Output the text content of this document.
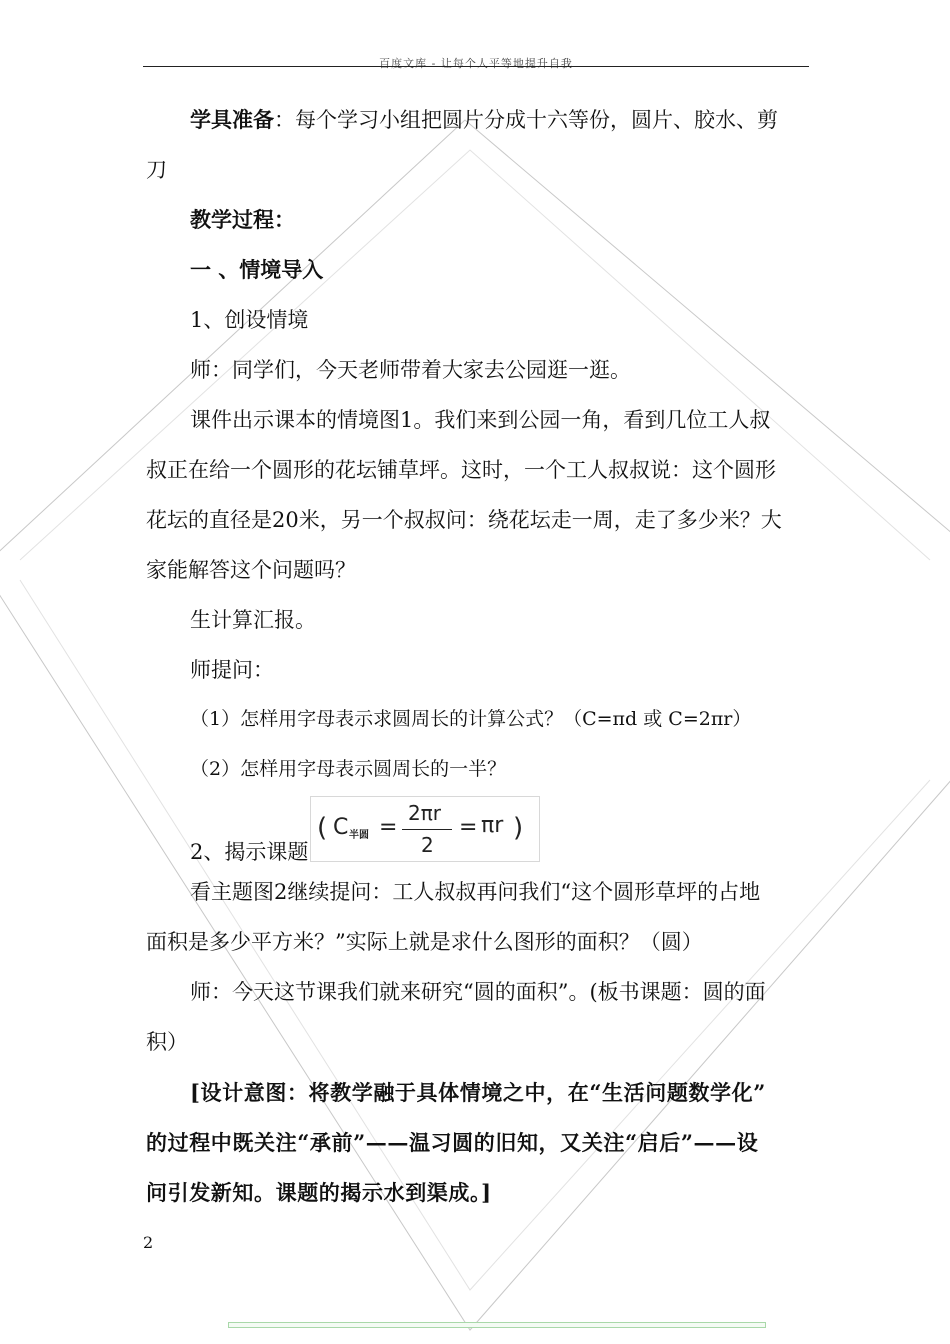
百度文库 - 让每个人平等地提升自我
学具准备：每个学习小组把圆片分成十六等份，圆片、胶水、剪
刀
教学过程：
一 、情境导入
1、创设情境
师：同学们，今天老师带着大家去公园逛一逛。
课件出示课本的情境图1。我们来到公园一角，看到几位工人叔
叔正在给一个圆形的花坛铺草坪。这时，一个工人叔叔说：这个圆形
花坛的直径是20米，另一个叔叔问：绕花坛走一周，走了多少米？大
家能解答这个问题吗？
生计算汇报。
师提问：
（1）怎样用字母表示求圆周长的计算公式？（C=πd 或 C=2πr）
（2）怎样用字母表示圆周长的一半？
2、揭示课题
( C 半圆 =
2πr
2
= πr )
看主题图2继续提问：工人叔叔再问我们“这个圆形草坪的占地
面积是多少平方米？”实际上就是求什么图形的面积？（圆）
师：今天这节课我们就来研究“圆的面积”。(板书课题：圆的面
积）
[设计意图：将教学融于具体情境之中，在“生活问题数学化”
的过程中既关注“承前”——温习圆的旧知，又关注“启后”——设
问引发新知。课题的揭示水到渠成。]
2
